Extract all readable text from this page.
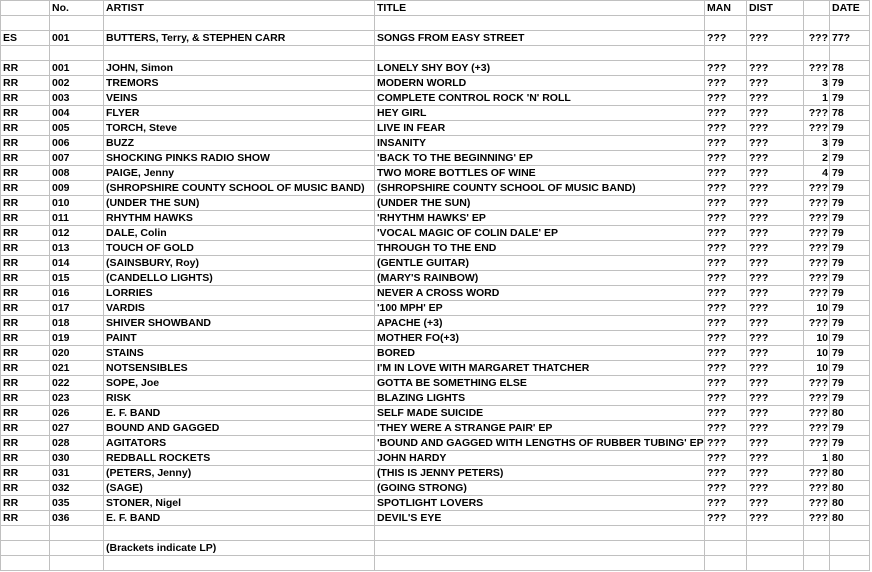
	No.	ARTIST	TITLE	MAN	DIST		DATE

ES	001	BUTTERS, Terry, & STEPHEN CARR	SONGS FROM EASY STREET	???	???	???	77?

RR	001	JOHN, Simon	LONELY SHY BOY (+3)	???	???	???	78
RR	002	TREMORS	MODERN WORLD	???	???	3	79
RR	003	VEINS	COMPLETE CONTROL ROCK 'N' ROLL	???	???	1	79
RR	004	FLYER	HEY GIRL	???	???	???	78
RR	005	TORCH, Steve	LIVE IN FEAR	???	???	???	79
RR	006	BUZZ	INSANITY	???	???	3	79
RR	007	SHOCKING PINKS RADIO SHOW	'BACK TO THE BEGINNING' EP	???	???	2	79
RR	008	PAIGE, Jenny	TWO MORE BOTTLES OF WINE	???	???	4	79
RR	009	(SHROPSHIRE COUNTY SCHOOL OF MUSIC BAND)	(SHROPSHIRE COUNTY SCHOOL OF MUSIC BAND)	???	???	???	79
RR	010	(UNDER THE SUN)	(UNDER THE SUN)	???	???	???	79
RR	011	RHYTHM HAWKS	'RHYTHM HAWKS' EP	???	???	???	79
RR	012	DALE, Colin	'VOCAL MAGIC OF COLIN DALE' EP	???	???	???	79
RR	013	TOUCH OF GOLD	THROUGH TO THE END	???	???	???	79
RR	014	(SAINSBURY, Roy)	(GENTLE GUITAR)	???	???	???	79
RR	015	(CANDELLO LIGHTS)	(MARY'S RAINBOW)	???	???	???	79
RR	016	LORRIES	NEVER A CROSS WORD	???	???	???	79
RR	017	VARDIS	'100 MPH' EP	???	???	10	79
RR	018	SHIVER SHOWBAND	APACHE (+3)	???	???	???	79
RR	019	PAINT	MOTHER FO(+3)	???	???	10	79
RR	020	STAINS	BORED	???	???	10	79
RR	021	NOTSENSIBLES	I'M IN LOVE WITH MARGARET THATCHER	???	???	10	79
RR	022	SOPE, Joe	GOTTA BE SOMETHING ELSE	???	???	???	79
RR	023	RISK	BLAZING LIGHTS	???	???	???	79
RR	026	E. F. BAND	SELF MADE SUICIDE	???	???	???	80
RR	027	BOUND AND GAGGED	'THEY WERE A STRANGE PAIR' EP	???	???	???	79
RR	028	AGITATORS	'BOUND AND GAGGED WITH LENGTHS OF RUBBER TUBING' EP	???	???	???	79
RR	030	REDBALL ROCKETS	JOHN HARDY	???	???	1	80
RR	031	(PETERS, Jenny)	(THIS IS JENNY PETERS)	???	???	???	80
RR	032	(SAGE)	(GOING STRONG)	???	???	???	80
RR	035	STONER, Nigel	SPOTLIGHT LOVERS	???	???	???	80
RR	036	E. F. BAND	DEVIL'S EYE	???	???	???	80

		(Brackets indicate LP)					
